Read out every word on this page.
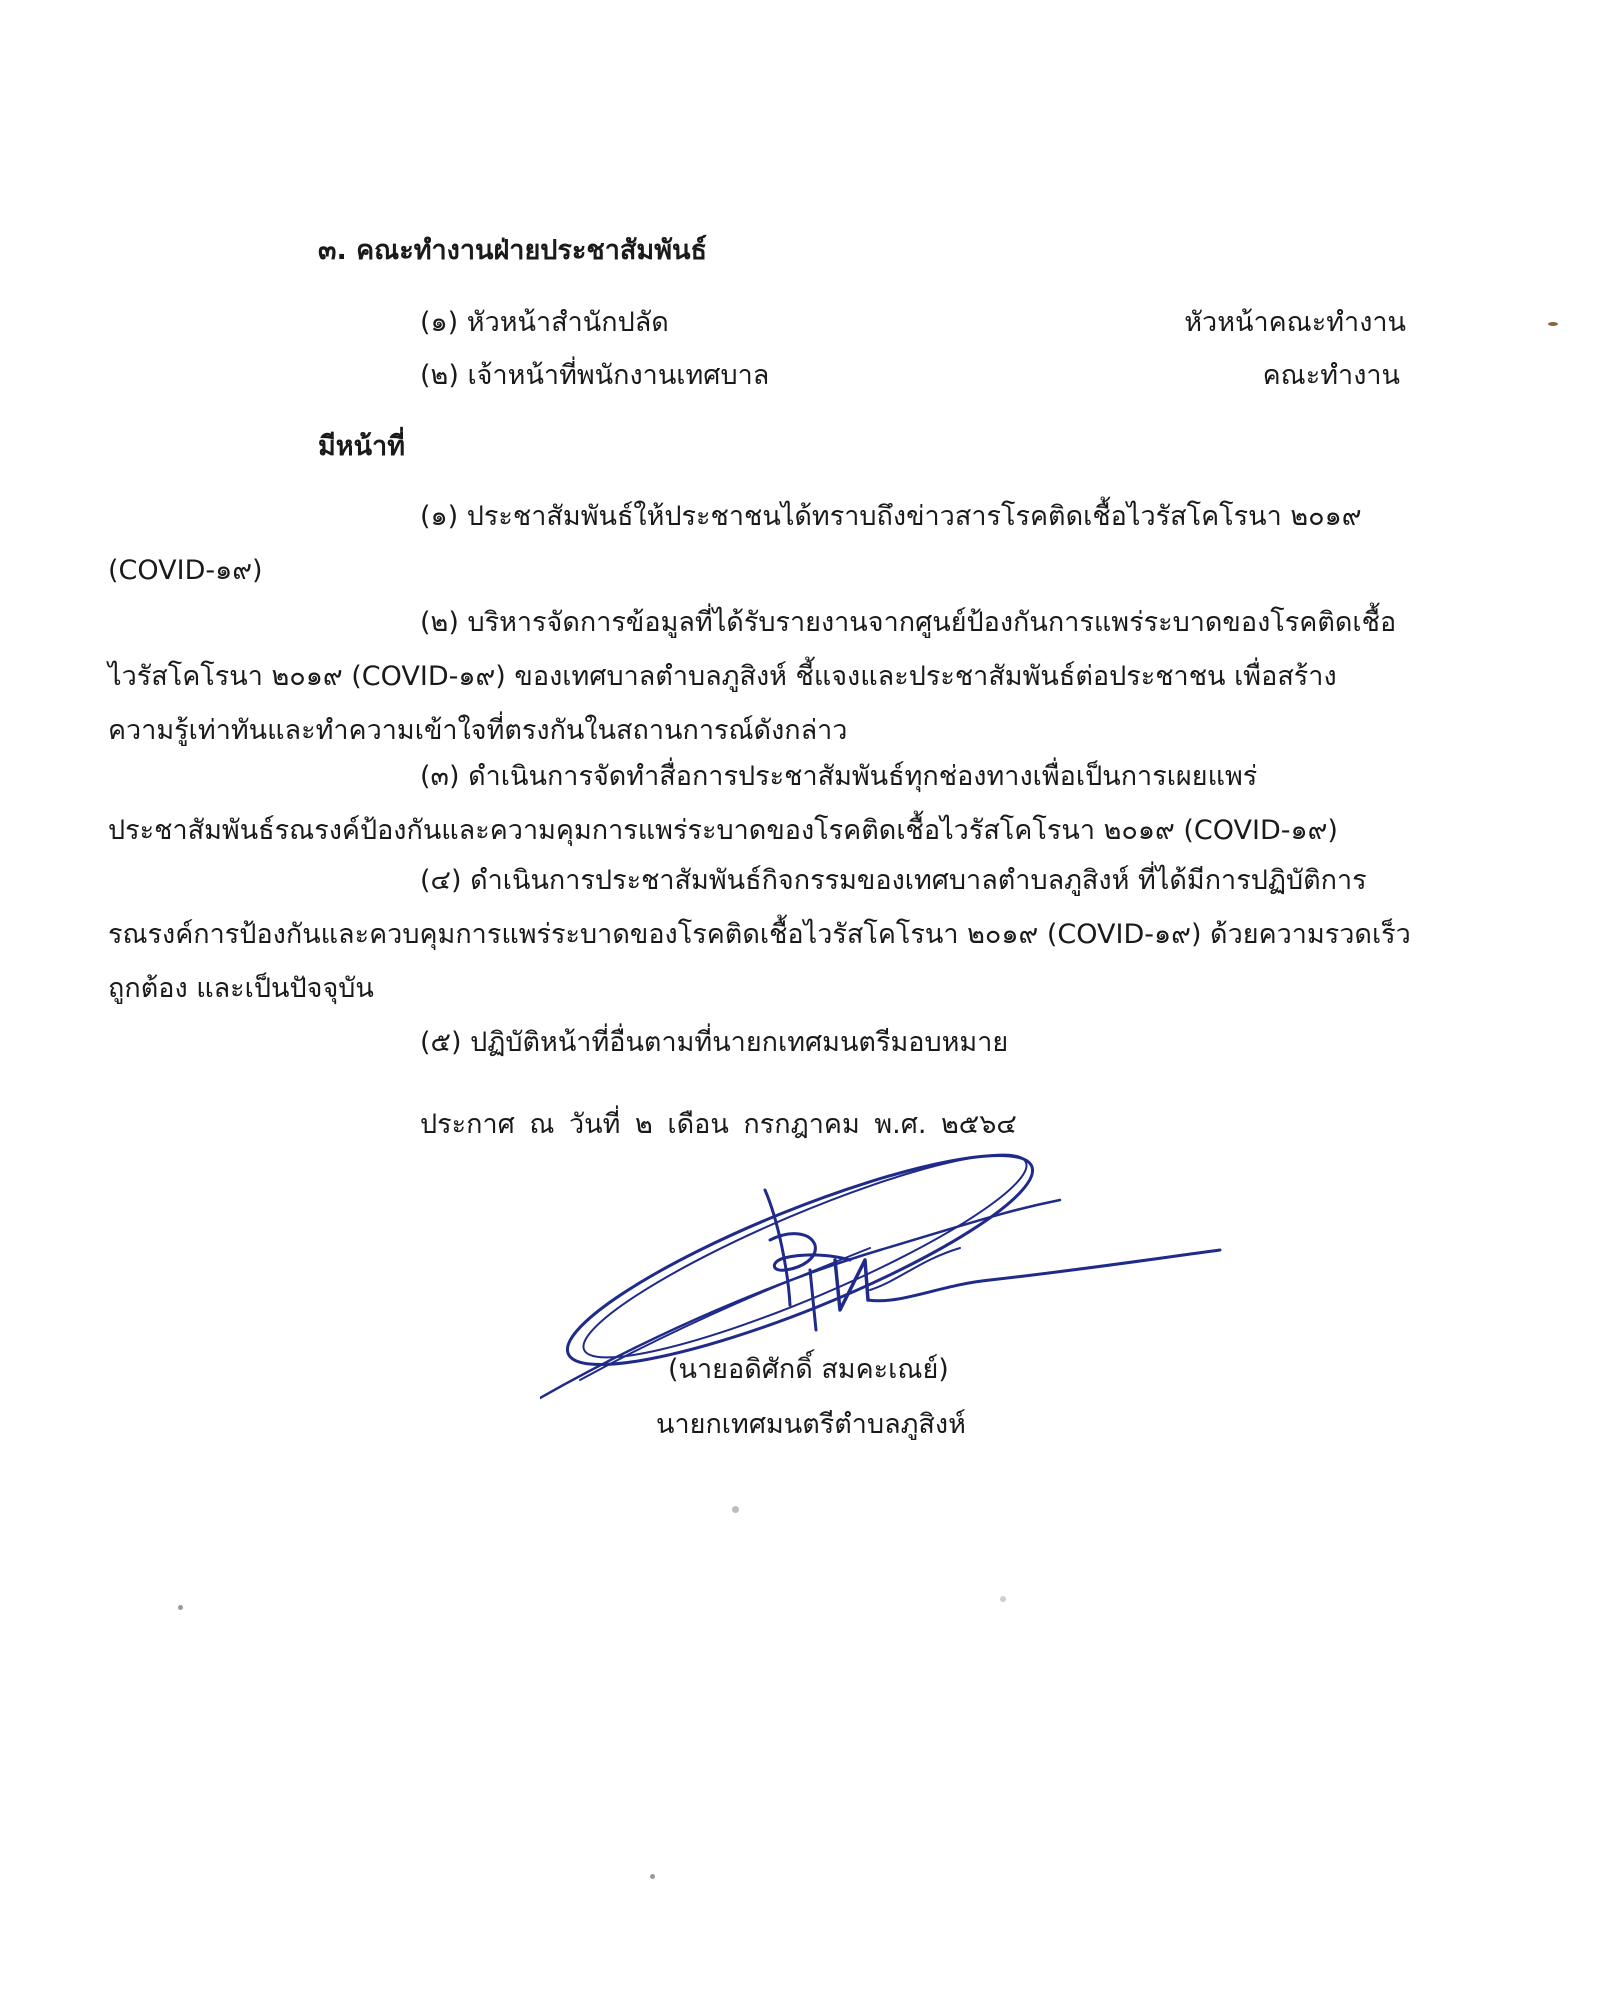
๓. คณะทำงานฝ่ายประชาสัมพันธ์
(๑) หัวหน้าสำนักปลัด	หัวหน้าคณะทำงาน
(๒) เจ้าหน้าที่พนักงานเทศบาล	คณะทำงาน
มีหน้าที่
(๑) ประชาสัมพันธ์ให้ประชาชนได้ทราบถึงข่าวสารโรคติดเชื้อไวรัสโคโรนา ๒๐๑๙
(COVID-๑๙)
(๒) บริหารจัดการข้อมูลที่ได้รับรายงานจากศูนย์ป้องกันการแพร่ระบาดของโรคติดเชื้อ
ไวรัสโคโรนา ๒๐๑๙ (COVID-๑๙) ของเทศบาลตำบลภูสิงห์ ชี้แจงและประชาสัมพันธ์ต่อประชาชน เพื่อสร้าง
ความรู้เท่าทันและทำความเข้าใจที่ตรงกันในสถานการณ์ดังกล่าว
(๓) ดำเนินการจัดทำสื่อการประชาสัมพันธ์ทุกช่องทางเพื่อเป็นการเผยแพร่
ประชาสัมพันธ์รณรงค์ป้องกันและความคุมการแพร่ระบาดของโรคติดเชื้อไวรัสโคโรนา ๒๐๑๙ (COVID-๑๙)
(๔) ดำเนินการประชาสัมพันธ์กิจกรรมของเทศบาลตำบลภูสิงห์ ที่ได้มีการปฏิบัติการ
รณรงค์การป้องกันและควบคุมการแพร่ระบาดของโรคติดเชื้อไวรัสโคโรนา ๒๐๑๙ (COVID-๑๙) ด้วยความรวดเร็ว
ถูกต้อง และเป็นปัจจุบัน
(๕) ปฏิบัติหน้าที่อื่นตามที่นายกเทศมนตรีมอบหมาย
ประกาศ ณ วันที่ ๒ เดือน กรกฎาคม พ.ศ. ๒๕๖๔
(นายอดิศักดิ์ สมคะเณย์)
นายกเทศมนตรีตำบลภูสิงห์
